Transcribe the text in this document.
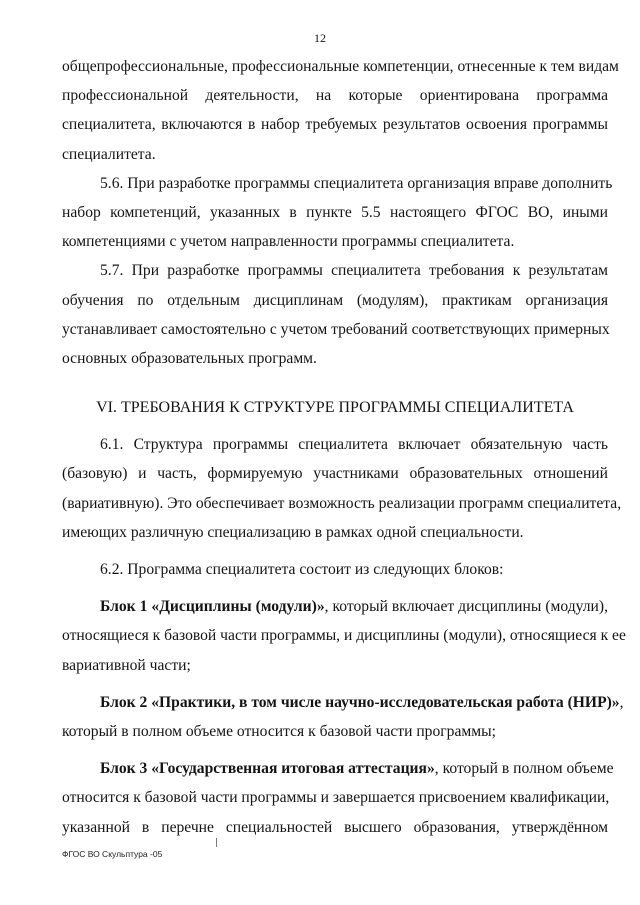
12
общепрофессиональные, профессиональные компетенции, отнесенные к тем видам
профессиональной деятельности, на которые ориентирована программа
специалитета, включаются в набор требуемых результатов освоения программы
специалитета.
5.6. При разработке программы специалитета организация вправе дополнить
набор компетенций, указанных в пункте 5.5 настоящего ФГОС ВО, иными
компетенциями с учетом направленности программы специалитета.
5.7. При разработке программы специалитета требования к результатам
обучения по отдельным дисциплинам (модулям), практикам организация
устанавливает самостоятельно с учетом требований соответствующих примерных
основных образовательных программ.
VI. ТРЕБОВАНИЯ К СТРУКТУРЕ ПРОГРАММЫ СПЕЦИАЛИТЕТА
6.1. Структура программы специалитета включает обязательную часть
(базовую) и часть, формируемую участниками образовательных отношений
(вариативную). Это обеспечивает возможность реализации программ специалитета,
имеющих различную специализацию в рамках одной специальности.
6.2. Программа специалитета состоит из следующих блоков:
Блок 1 «Дисциплины (модули)», который включает дисциплины (модули),
относящиеся к базовой части программы, и дисциплины (модули), относящиеся к ее
вариативной части;
Блок 2 «Практики, в том числе научно-исследовательская работа (НИР)»,
который в полном объеме относится к базовой части программы;
Блок 3 «Государственная итоговая аттестация», который в полном объеме
относится к базовой части программы и завершается присвоением квалификации,
указанной в перечне специальностей высшего образования, утверждённом
ФГОС ВО Скульптура -05
